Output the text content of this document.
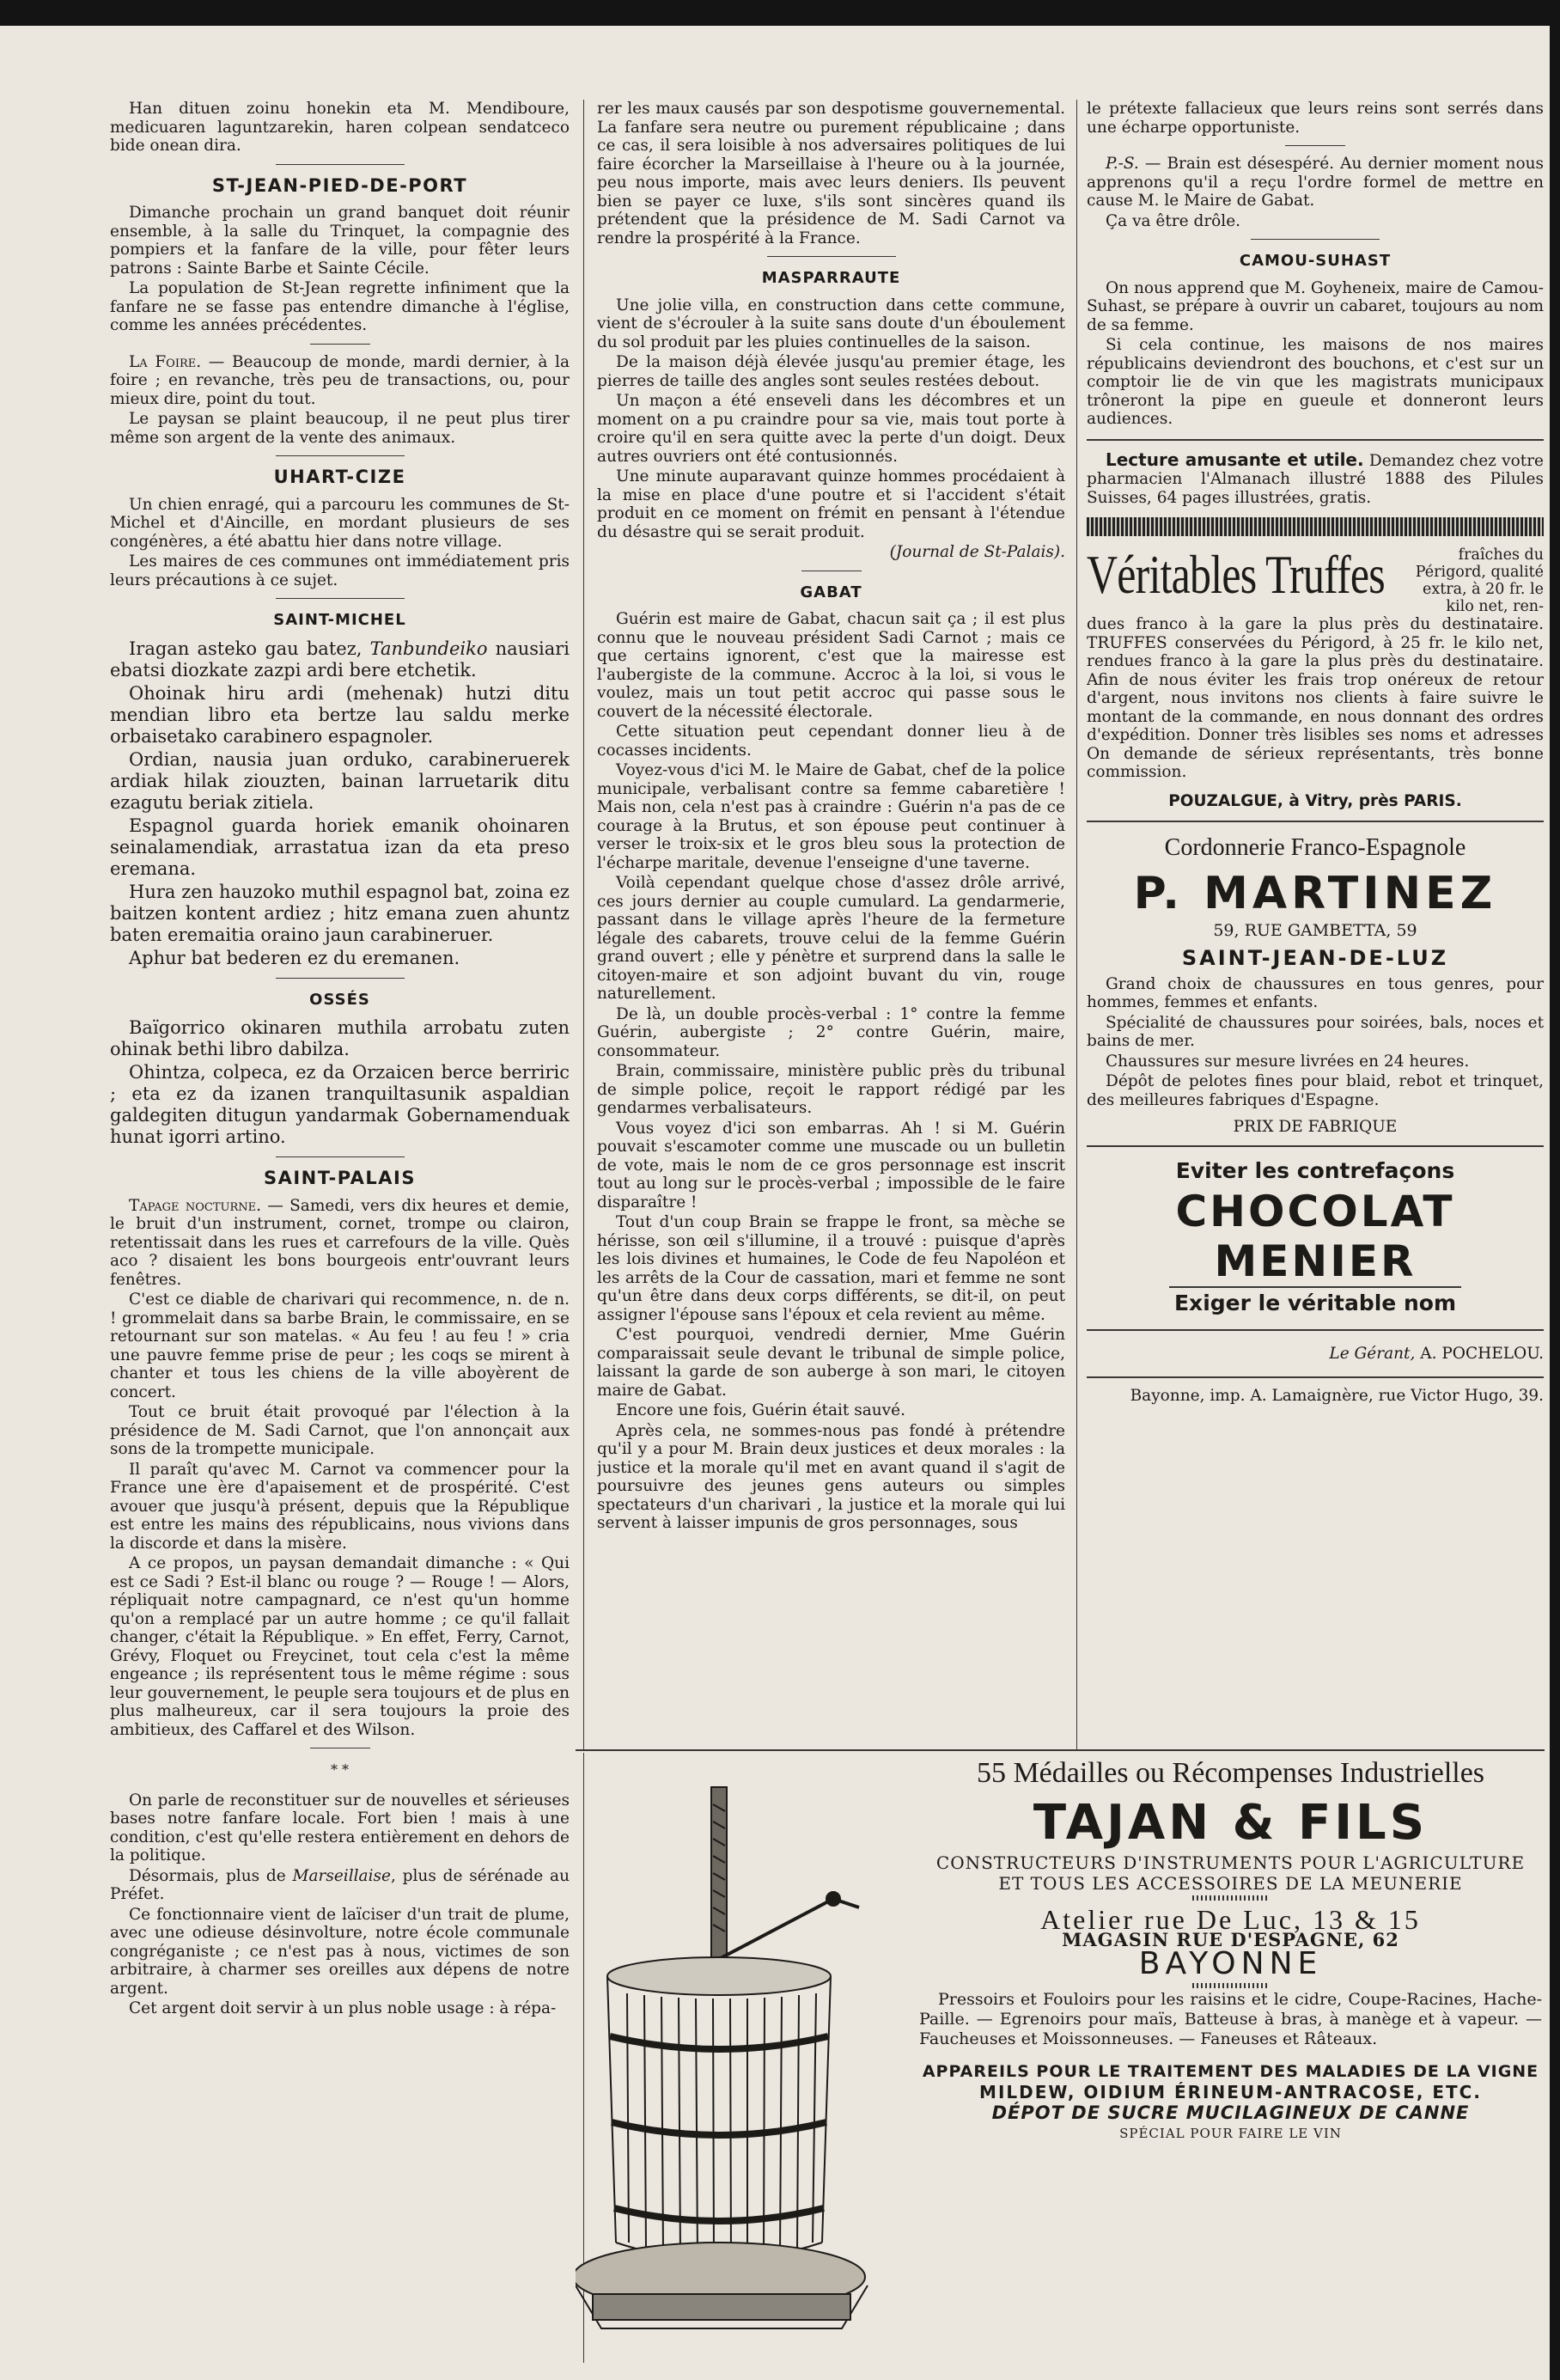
Han dituen zoinu honekin eta M. Mendiboure, medicuaren laguntzarekin, haren colpean sendatceco bide onean dira.

ST-JEAN-PIED-DE-PORT

Dimanche prochain un grand banquet doit réunir ensemble, à la salle du Trinquet, la compagnie des pompiers et la fanfare de la ville, pour fêter leurs patrons : Sainte Barbe et Sainte Cécile.

La population de St-Jean regrette infiniment que la fanfare ne se fasse pas entendre dimanche à l'église, comme les années précédentes.

La Foire. — Beaucoup de monde, mardi dernier, à la foire ; en revanche, très peu de transactions, ou, pour mieux dire, point du tout.

Le paysan se plaint beaucoup, il ne peut plus tirer même son argent de la vente des animaux.

UHART-CIZE

Un chien enragé, qui a parcouru les communes de St-Michel et d'Aincille, en mordant plusieurs de ses congénères, a été abattu hier dans notre village.

Les maires de ces communes ont immédiatement pris leurs précautions à ce sujet.

SAINT-MICHEL

Iragan asteko gau batez, Tanbundeiko nausiari ebatsi diozkate zazpi ardi bere etchetik.

Ohoinak hiru ardi (mehenak) hutzi ditu mendian libro eta bertze lau saldu merke orbaisetako carabinero espagnoler.

Ordian, nausia juan orduko, carabineruerek ardiak hilak ziouzten, bainan larruetarik ditu ezagutu beriak zitiela.

Espagnol guarda horiek emanik ohoinaren seinalamendiak, arrastatua izan da eta preso eremana.

Hura zen hauzoko muthil espagnol bat, zoina ez baitzen kontent ardiez ; hitz emana zuen ahuntz baten eremaitia oraino jaun carabineruer.

Aphur bat bederen ez du eremanen.

OSSÉS

Baïgorrico okinaren muthila arrobatu zuten ohinak bethi libro dabilza.

Ohintza, colpeca, ez da Orzaicen berce berriric ; eta ez da izanen tranquiltasunik aspaldian galdegiten ditugun yandarmak Gobernamenduak hunat igorri artino.

SAINT-PALAIS

Tapage nocturne. — Samedi, vers dix heures et demie, le bruit d'un instrument, cornet, trompe ou clairon, retentissait dans les rues et carrefours de la ville. Quès aco ? disaient les bons bourgeois entr'ouvrant leurs fenêtres.

C'est ce diable de charivari qui recommence, n. de n. ! grommelait dans sa barbe Brain, le commissaire, en se retournant sur son matelas. « Au feu ! au feu ! » cria une pauvre femme prise de peur ; les coqs se mirent à chanter et tous les chiens de la ville aboyèrent de concert.

Tout ce bruit était provoqué par l'élection à la présidence de M. Sadi Carnot, que l'on annonçait aux sons de la trompette municipale.

Il paraît qu'avec M. Carnot va commencer pour la France une ère d'apaisement et de prospérité. C'est avouer que jusqu'à présent, depuis que la République est entre les mains des républicains, nous vivions dans la discorde et dans la misère.

A ce propos, un paysan demandait dimanche : « Qui est ce Sadi ? Est-il blanc ou rouge ? — Rouge ! — Alors, répliquait notre campagnard, ce n'est qu'un homme qu'on a remplacé par un autre homme ; ce qu'il fallait changer, c'était la République. » En effet, Ferry, Carnot, Grévy, Floquet ou Freycinet, tout cela c'est la même engeance ; ils représentent tous le même régime : sous leur gouvernement, le peuple sera toujours et de plus en plus malheureux, car il sera toujours la proie des ambitieux, des Caffarel et des Wilson.

* *

On parle de reconstituer sur de nouvelles et sérieuses bases notre fanfare locale. Fort bien ! mais à une condition, c'est qu'elle restera entièrement en dehors de la politique.

Désormais, plus de Marseillaise, plus de sérénade au Préfet.

Ce fonctionnaire vient de laïciser d'un trait de plume, avec une odieuse désinvolture, notre école communale congréganiste ; ce n'est pas à nous, victimes de son arbitraire, à charmer ses oreilles aux dépens de notre argent.

Cet argent doit servir à un plus noble usage : à répa-

rer les maux causés par son despotisme gouvernemental. La fanfare sera neutre ou purement républicaine ; dans ce cas, il sera loisible à nos adversaires politiques de lui faire écorcher la Marseillaise à l'heure ou à la journée, peu nous importe, mais avec leurs deniers. Ils peuvent bien se payer ce luxe, s'ils sont sincères quand ils prétendent que la présidence de M. Sadi Carnot va rendre la prospérité à la France.

MASPARRAUTE

Une jolie villa, en construction dans cette commune, vient de s'écrouler à la suite sans doute d'un éboulement du sol produit par les pluies continuelles de la saison.

De la maison déjà élevée jusqu'au premier étage, les pierres de taille des angles sont seules restées debout.

Un maçon a été enseveli dans les décombres et un moment on a pu craindre pour sa vie, mais tout porte à croire qu'il en sera quitte avec la perte d'un doigt. Deux autres ouvriers ont été contusionnés.

Une minute auparavant quinze hommes procédaient à la mise en place d'une poutre et si l'accident s'était produit en ce moment on frémit en pensant à l'étendue du désastre qui se serait produit.

(Journal de St-Palais).

GABAT

Guérin est maire de Gabat, chacun sait ça ; il est plus connu que le nouveau président Sadi Carnot ; mais ce que certains ignorent, c'est que la mairesse est l'aubergiste de la commune. Accroc à la loi, si vous le voulez, mais un tout petit accroc qui passe sous le couvert de la nécessité électorale.

Cette situation peut cependant donner lieu à de cocasses incidents.

Voyez-vous d'ici M. le Maire de Gabat, chef de la police municipale, verbalisant contre sa femme cabaretière ! Mais non, cela n'est pas à craindre : Guérin n'a pas de ce courage à la Brutus, et son épouse peut continuer à verser le troix-six et le gros bleu sous la protection de l'écharpe maritale, devenue l'enseigne d'une taverne.

Voilà cependant quelque chose d'assez drôle arrivé, ces jours dernier au couple cumulard. La gendarmerie, passant dans le village après l'heure de la fermeture légale des cabarets, trouve celui de la femme Guérin grand ouvert ; elle y pénètre et surprend dans la salle le citoyen-maire et son adjoint buvant du vin, rouge naturellement.

De là, un double procès-verbal : 1° contre la femme Guérin, aubergiste ; 2° contre Guérin, maire, consommateur.

Brain, commissaire, ministère public près du tribunal de simple police, reçoit le rapport rédigé par les gendarmes verbalisateurs.

Vous voyez d'ici son embarras. Ah ! si M. Guérin pouvait s'escamoter comme une muscade ou un bulletin de vote, mais le nom de ce gros personnage est inscrit tout au long sur le procès-verbal ; impossible de le faire disparaître !

Tout d'un coup Brain se frappe le front, sa mèche se hérisse, son œil s'illumine, il a trouvé : puisque d'après les lois divines et humaines, le Code de feu Napoléon et les arrêts de la Cour de cassation, mari et femme ne sont qu'un être dans deux corps différents, se dit-il, on peut assigner l'épouse sans l'époux et cela revient au même.

C'est pourquoi, vendredi dernier, Mme Guérin comparaissait seule devant le tribunal de simple police, laissant la garde de son auberge à son mari, le citoyen maire de Gabat.

Encore une fois, Guérin était sauvé.

Après cela, ne sommes-nous pas fondé à prétendre qu'il y a pour M. Brain deux justices et deux morales : la justice et la morale qu'il met en avant quand il s'agit de poursuivre des jeunes gens auteurs ou simples spectateurs d'un charivari , la justice et la morale qui lui servent à laisser impunis de gros personnages, sous

le prétexte fallacieux que leurs reins sont serrés dans une écharpe opportuniste.

P.-S. — Brain est désespéré. Au dernier moment nous apprenons qu'il a reçu l'ordre formel de mettre en cause M. le Maire de Gabat.

Ça va être drôle.

CAMOU-SUHAST

On nous apprend que M. Goyheneix, maire de Camou-Suhast, se prépare à ouvrir un cabaret, toujours au nom de sa femme.

Si cela continue, les maisons de nos maires républicains deviendront des bouchons, et c'est sur un comptoir lie de vin que les magistrats municipaux trôneront la pipe en gueule et donneront leurs audiences.

Lecture amusante et utile. Demandez chez votre pharmacien l'Almanach illustré 1888 des Pilules Suisses, 64 pages illustrées, gratis.

Véritables Truffes	fraîches du Périgord, qualité extra, à 20 fr. le kilo net, ren-

dues franco à la gare la plus près du destinataire. TRUFFES conservées du Périgord, à 25 fr. le kilo net, rendues franco à la gare la plus près du destinataire. Afin de nous éviter les frais trop onéreux de retour d'argent, nous invitons nos clients à faire suivre le montant de la commande, en nous donnant des ordres d'expédition. Donner très lisibles ses noms et adresses On demande de sérieux représentants, très bonne commission.

POUZALGUE, à Vitry, près PARIS.

Cordonnerie Franco-Espagnole
P. MARTINEZ
59, RUE GAMBETTA, 59
SAINT-JEAN-DE-LUZ

Grand choix de chaussures en tous genres, pour hommes, femmes et enfants.

Spécialité de chaussures pour soirées, bals, noces et bains de mer.

Chaussures sur mesure livrées en 24 heures.

Dépôt de pelotes fines pour blaid, rebot et trinquet, des meilleures fabriques d'Espagne.

PRIX DE FABRIQUE

Eviter les contrefaçons
CHOCOLAT
MENIER
Exiger le véritable nom

Le Gérant, A. POCHELOU.

Bayonne, imp. A. Lamaignère, rue Victor Hugo, 39.

55 Médailles ou Récompenses Industrielles
TAJAN & FILS
CONSTRUCTEURS D'INSTRUMENTS POUR L'AGRICULTURE
ET TOUS LES ACCESSOIRES DE LA MEUNERIE
Atelier rue De Luc, 13 & 15
MAGASIN RUE D'ESPAGNE, 62
BAYONNE

Pressoirs et Fouloirs pour les raisins et le cidre, Coupe-Racines, Hache-Paille. — Egrenoirs pour maïs, Batteuse à bras, à manège et à vapeur. — Faucheuses et Moissonneuses. — Faneuses et Râteaux.

APPAREILS POUR LE TRAITEMENT DES MALADIES DE LA VIGNE
MILDEW, OIDIUM ÉRINEUM-ANTRACOSE, ETC.
DÉPOT DE SUCRE MUCILAGINEUX DE CANNE
SPÉCIAL POUR FAIRE LE VIN
